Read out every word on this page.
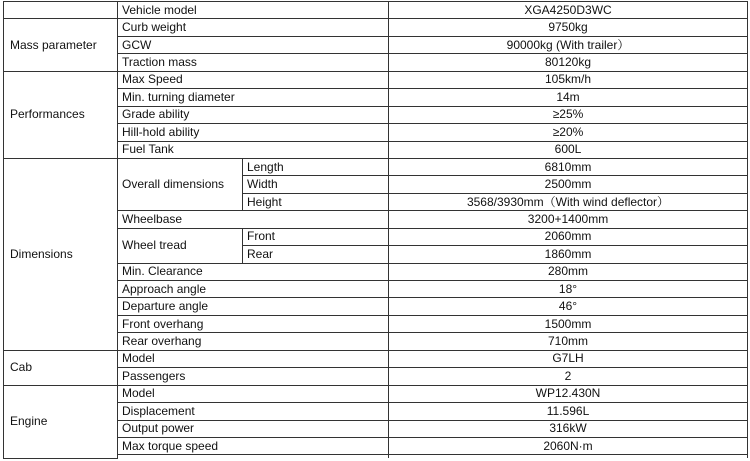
	Vehicle model		XGA4250D3WC
Mass parameter	Curb weight		9750kg
	GCW		90000kg (With trailer）
	Traction mass		80120kg
Performances	Max Speed		105km/h
	Min. turning diameter		14m
	Grade ability		≥25%
	Hill-hold ability		≥20%
	Fuel Tank		600L
Dimensions	Overall dimensions	Length	6810mm
		Width	2500mm
		Height	3568/3930mm（With wind deflector）
	Wheelbase		3200+1400mm
	Wheel tread	Front	2060mm
		Rear	1860mm
	Min. Clearance		280mm
	Approach angle		18°
	Departure angle		46°
	Front overhang		1500mm
	Rear overhang		710mm
Cab	Model		G7LH
	Passengers		2
Engine	Model		WP12.430N
	Displacement		11.596L
	Output power		316kW
	Max torque speed		2060N·m
